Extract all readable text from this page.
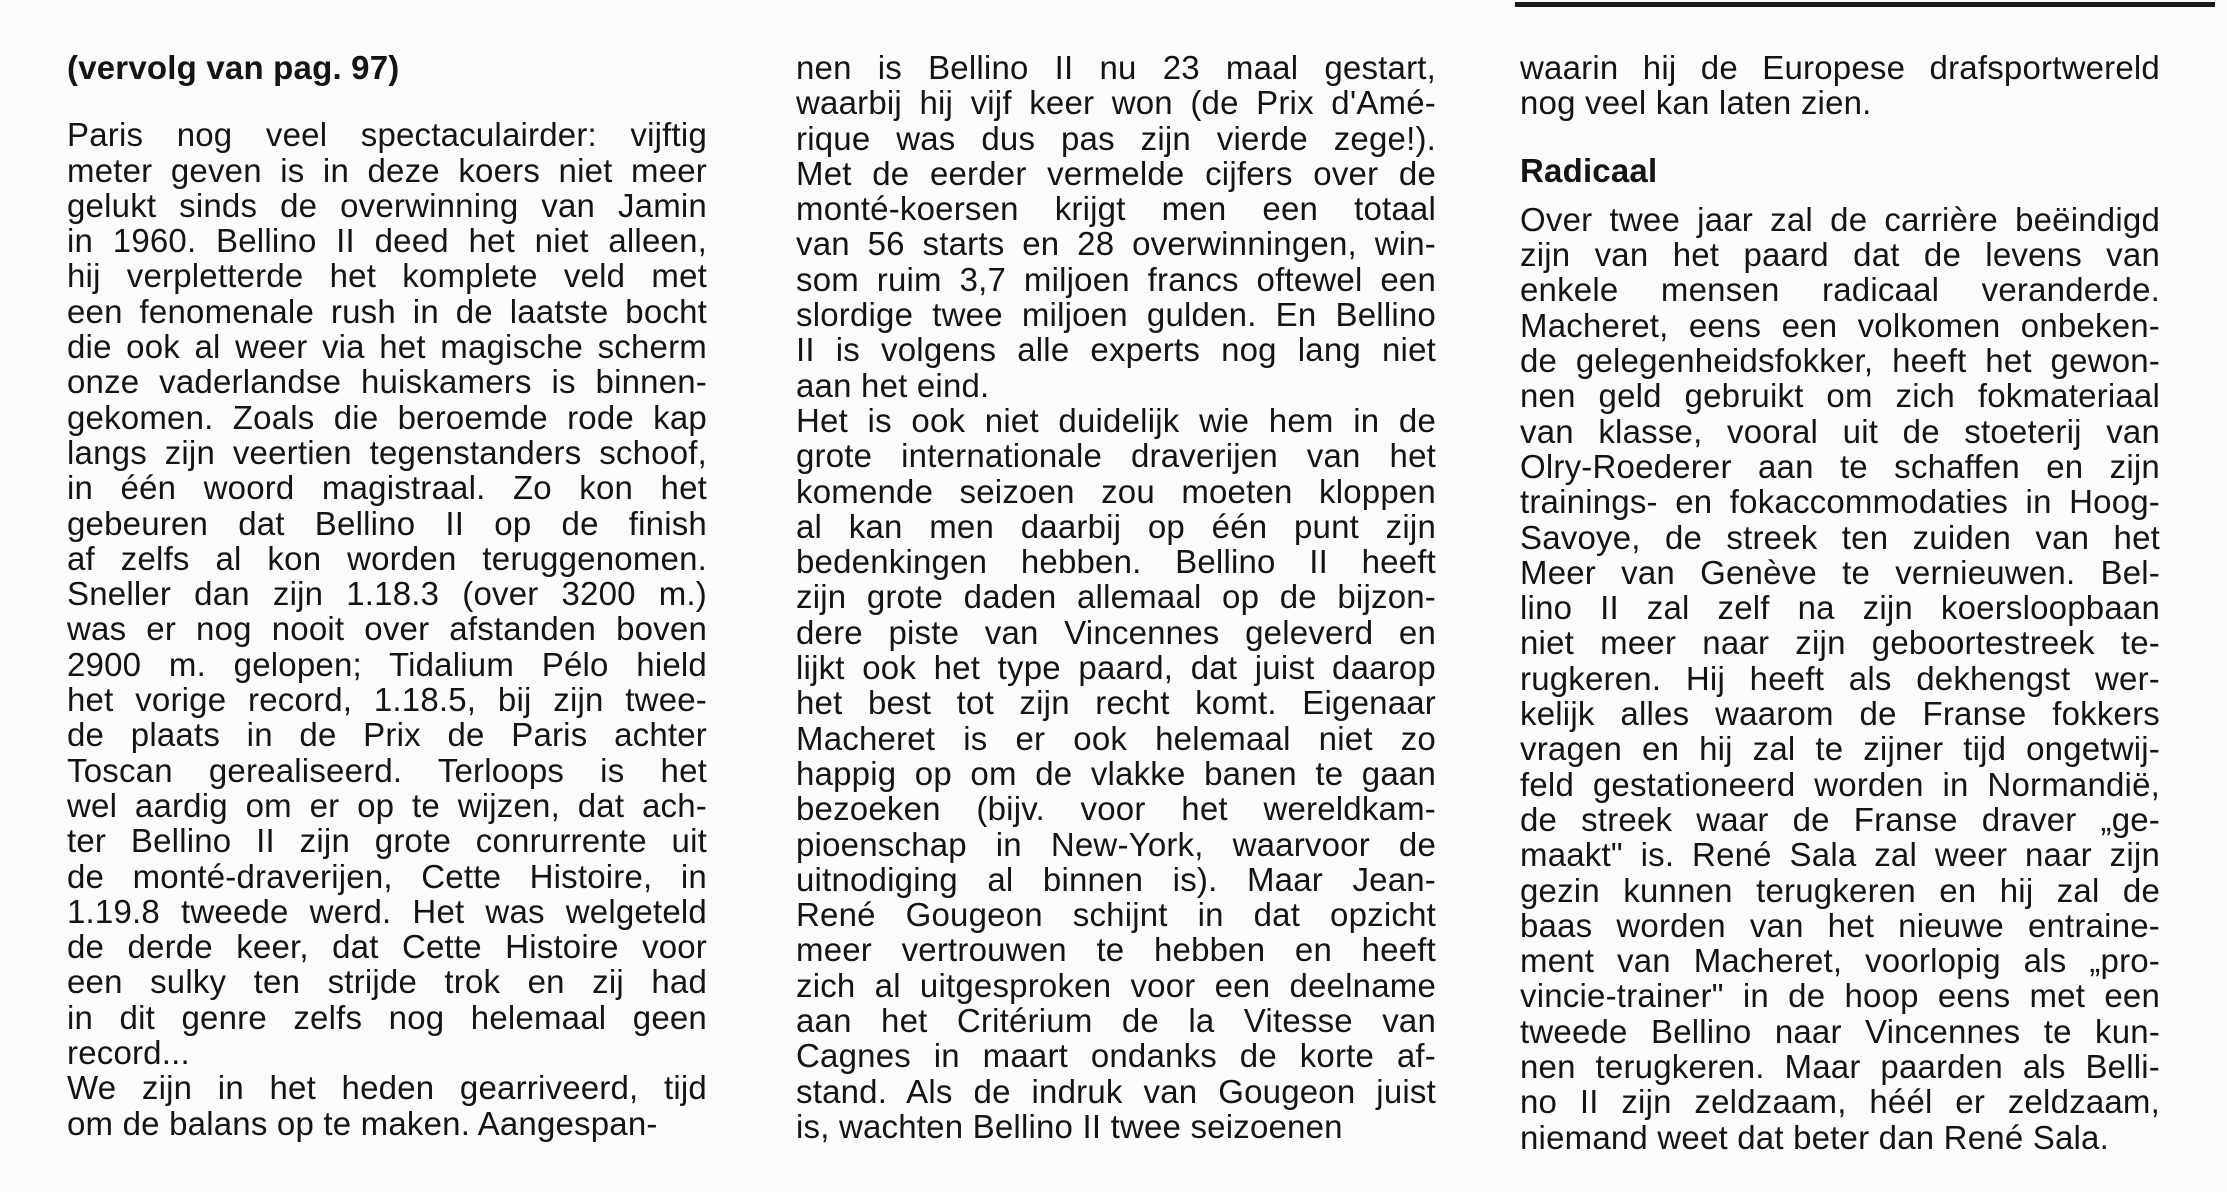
(vervolg van pag. 97)
Paris nog veel spectaculairder: vijftig
meter geven is in deze koers niet meer
gelukt sinds de overwinning van Jamin
in 1960. Bellino II deed het niet alleen,
hij verpletterde het komplete veld met
een fenomenale rush in de laatste bocht
die ook al weer via het magische scherm
onze vaderlandse huiskamers is binnen-
gekomen. Zoals die beroemde rode kap
langs zijn veertien tegenstanders schoof,
in één woord magistraal. Zo kon het
gebeuren dat Bellino II op de finish
af zelfs al kon worden teruggenomen.
Sneller dan zijn 1.18.3 (over 3200 m.)
was er nog nooit over afstanden boven
2900 m. gelopen; Tidalium Pélo hield
het vorige record, 1.18.5, bij zijn twee-
de plaats in de Prix de Paris achter
Toscan gerealiseerd. Terloops is het
wel aardig om er op te wijzen, dat ach-
ter Bellino II zijn grote conrurrente uit
de monté-draverijen, Cette Histoire, in
1.19.8 tweede werd. Het was welgeteld
de derde keer, dat Cette Histoire voor
een sulky ten strijde trok en zij had
in dit genre zelfs nog helemaal geen
record...
We zijn in het heden gearriveerd, tijd
om de balans op te maken. Aangespan-
nen is Bellino II nu 23 maal gestart,
waarbij hij vijf keer won (de Prix d'Amé-
rique was dus pas zijn vierde zege!).
Met de eerder vermelde cijfers over de
monté-koersen krijgt men een totaal
van 56 starts en 28 overwinningen, win-
som ruim 3,7 miljoen francs oftewel een
slordige twee miljoen gulden. En Bellino
II is volgens alle experts nog lang niet
aan het eind.
Het is ook niet duidelijk wie hem in de
grote internationale draverijen van het
komende seizoen zou moeten kloppen
al kan men daarbij op één punt zijn
bedenkingen hebben. Bellino II heeft
zijn grote daden allemaal op de bijzon-
dere piste van Vincennes geleverd en
lijkt ook het type paard, dat juist daarop
het best tot zijn recht komt. Eigenaar
Macheret is er ook helemaal niet zo
happig op om de vlakke banen te gaan
bezoeken (bijv. voor het wereldkam-
pioenschap in New-York, waarvoor de
uitnodiging al binnen is). Maar Jean-
René Gougeon schijnt in dat opzicht
meer vertrouwen te hebben en heeft
zich al uitgesproken voor een deelname
aan het Critérium de la Vitesse van
Cagnes in maart ondanks de korte af-
stand. Als de indruk van Gougeon juist
is, wachten Bellino II twee seizoenen
waarin hij de Europese drafsportwereld
nog veel kan laten zien.
Radicaal
Over twee jaar zal de carrière beëindigd
zijn van het paard dat de levens van
enkele mensen radicaal veranderde.
Macheret, eens een volkomen onbeken-
de gelegenheidsfokker, heeft het gewon-
nen geld gebruikt om zich fokmateriaal
van klasse, vooral uit de stoeterij van
Olry-Roederer aan te schaffen en zijn
trainings- en fokaccommodaties in Hoog-
Savoye, de streek ten zuiden van het
Meer van Genève te vernieuwen. Bel-
lino II zal zelf na zijn koersloopbaan
niet meer naar zijn geboortestreek te-
rugkeren. Hij heeft als dekhengst wer-
kelijk alles waarom de Franse fokkers
vragen en hij zal te zijner tijd ongetwij-
feld gestationeerd worden in Normandië,
de streek waar de Franse draver „ge-
maakt" is. René Sala zal weer naar zijn
gezin kunnen terugkeren en hij zal de
baas worden van het nieuwe entraine-
ment van Macheret, voorlopig als „pro-
vincie-trainer" in de hoop eens met een
tweede Bellino naar Vincennes te kun-
nen terugkeren. Maar paarden als Belli-
no II zijn zeldzaam, héél er zeldzaam,
niemand weet dat beter dan René Sala.
